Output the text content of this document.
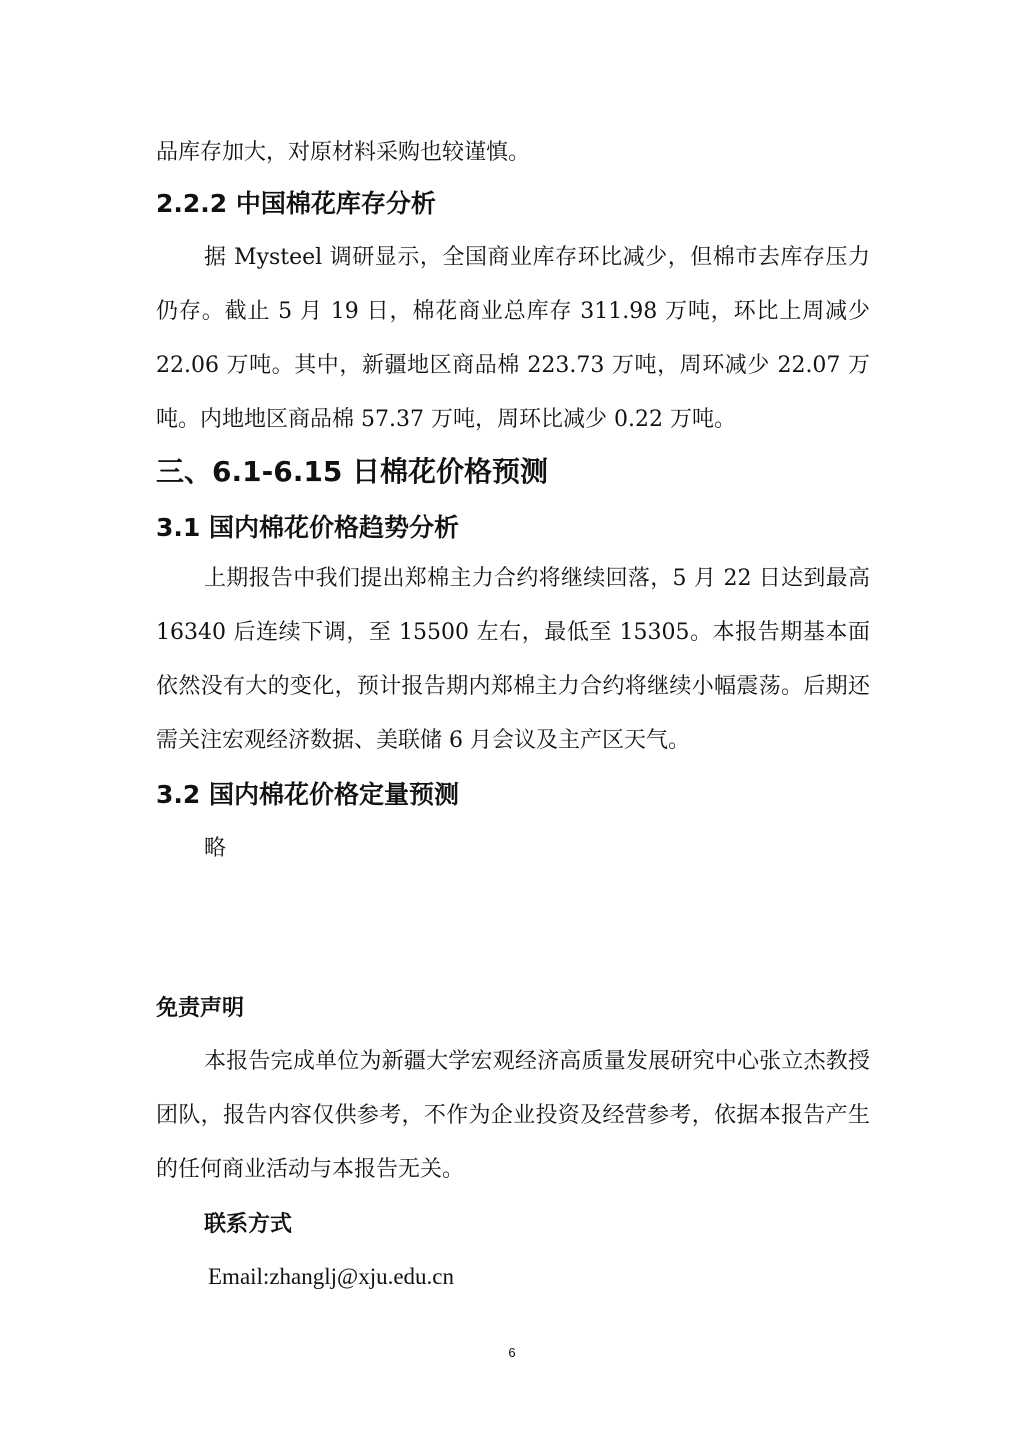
品库存加大，对原材料采购也较谨慎。

2.2.2 中国棉花库存分析

据 Mysteel 调研显示，全国商业库存环比减少，但棉市去库存压力仍存。截止 5 月 19 日，棉花商业总库存 311.98 万吨，环比上周减少 22.06 万吨。其中，新疆地区商品棉 223.73 万吨，周环减少 22.07 万吨。内地地区商品棉 57.37 万吨，周环比减少 0.22 万吨。

三、6.1-6.15 日棉花价格预测
3.1 国内棉花价格趋势分析

上期报告中我们提出郑棉主力合约将继续回落，5 月 22 日达到最高 16340 后连续下调，至 15500 左右，最低至 15305。本报告期基本面依然没有大的变化，预计报告期内郑棉主力合约将继续小幅震荡。后期还需关注宏观经济数据、美联储 6 月会议及主产区天气。

3.2 国内棉花价格定量预测

略

免责声明

本报告完成单位为新疆大学宏观经济高质量发展研究中心张立杰教授团队，报告内容仅供参考，不作为企业投资及经营参考，依据本报告产生的任何商业活动与本报告无关。

联系方式

Email:zhanglj@xju.edu.cn

6
